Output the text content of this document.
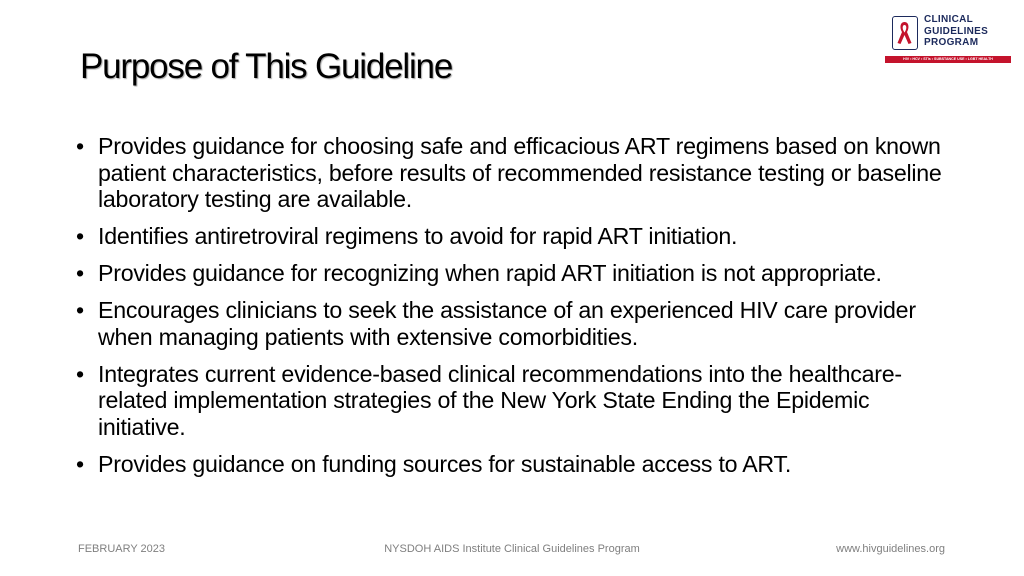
Purpose of This Guideline
CLINICAL
GUIDELINES
PROGRAM
HIV • HCV • STIs • SUBSTANCE USE • LGBT HEALTH
• Provides guidance for choosing safe and efficacious ART regimens based on known patient characteristics, before results of recommended resistance testing or baseline laboratory testing are available.
• Identifies antiretroviral regimens to avoid for rapid ART initiation.
• Provides guidance for recognizing when rapid ART initiation is not appropriate.
• Encourages clinicians to seek the assistance of an experienced HIV care provider when managing patients with extensive comorbidities.
• Integrates current evidence-based clinical recommendations into the healthcare-related implementation strategies of the New York State Ending the Epidemic initiative.
• Provides guidance on funding sources for sustainable access to ART.
FEBRUARY 2023	NYSDOH AIDS Institute Clinical Guidelines Program	www.hivguidelines.org
